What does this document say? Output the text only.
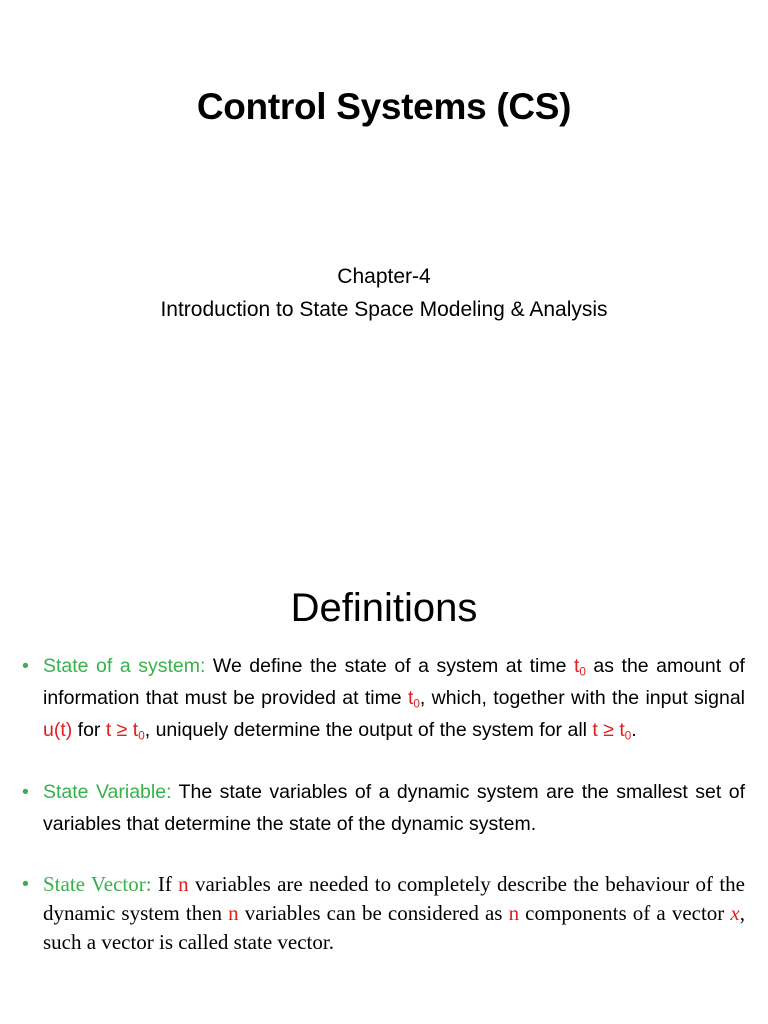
Control Systems (CS)
Chapter-4
Introduction to State Space Modeling & Analysis
Definitions
• State of a system: We define the state of a system at time $t_0$ as the amount of information that must be provided at time $t_0$, which, together with the input signal u(t) for $t \ge t_0$, uniquely determine the output of the system for all $t \ge t_0$.
• State Variable: The state variables of a dynamic system are the smallest set of variables that determine the state of the dynamic system.
• State Vector: If n variables are needed to completely describe the behaviour of the dynamic system then n variables can be considered as n components of a vector x, such a vector is called state vector.
